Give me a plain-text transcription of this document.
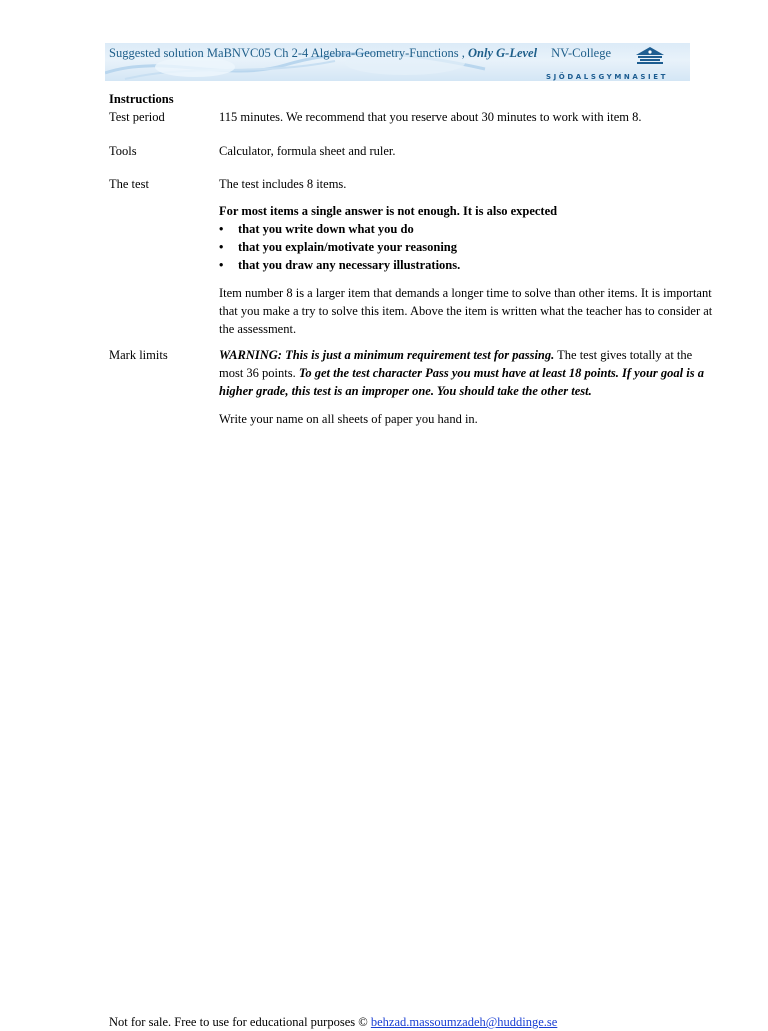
Suggested solution MaBNVC05 Ch 2-4 Algebra-Geometry-Functions , Only G-Level NV-College
SJÖDALSGYMNASIET
Instructions
Test period	115 minutes. We recommend that you reserve about 30 minutes to work with item 8.
Tools	Calculator, formula sheet and ruler.
The test	The test includes 8 items.
For most items a single answer is not enough. It is also expected
• that you write down what you do
• that you explain/motivate your reasoning
• that you draw any necessary illustrations.
Item number 8 is a larger item that demands a longer time to solve than other items. It is important that you make a try to solve this item. Above the item is written what the teacher has to consider at the assessment.
Mark limits	WARNING: This is just a minimum requirement test for passing. The test gives totally at the most 36 points. To get the test character Pass you must have at least 18 points. If your goal is a higher grade, this test is an improper one. You should take the other test.
Write your name on all sheets of paper you hand in.
Not for sale. Free to use for educational purposes © behzad.massoumzadeh@huddinge.se
